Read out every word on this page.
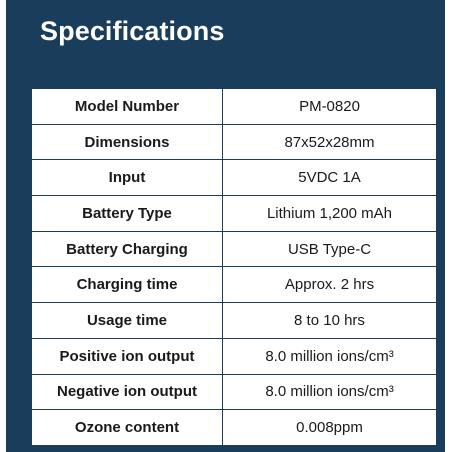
Specifications
Model Number	PM-0820
Dimensions	87x52x28mm
Input	5VDC 1A
Battery Type	Lithium 1,200 mAh
Battery Charging	USB Type-C
Charging time	Approx. 2 hrs
Usage time	8 to 10 hrs
Positive ion output	8.0 million ions/cm³
Negative ion output	8.0 million ions/cm³
Ozone content	0.008ppm
